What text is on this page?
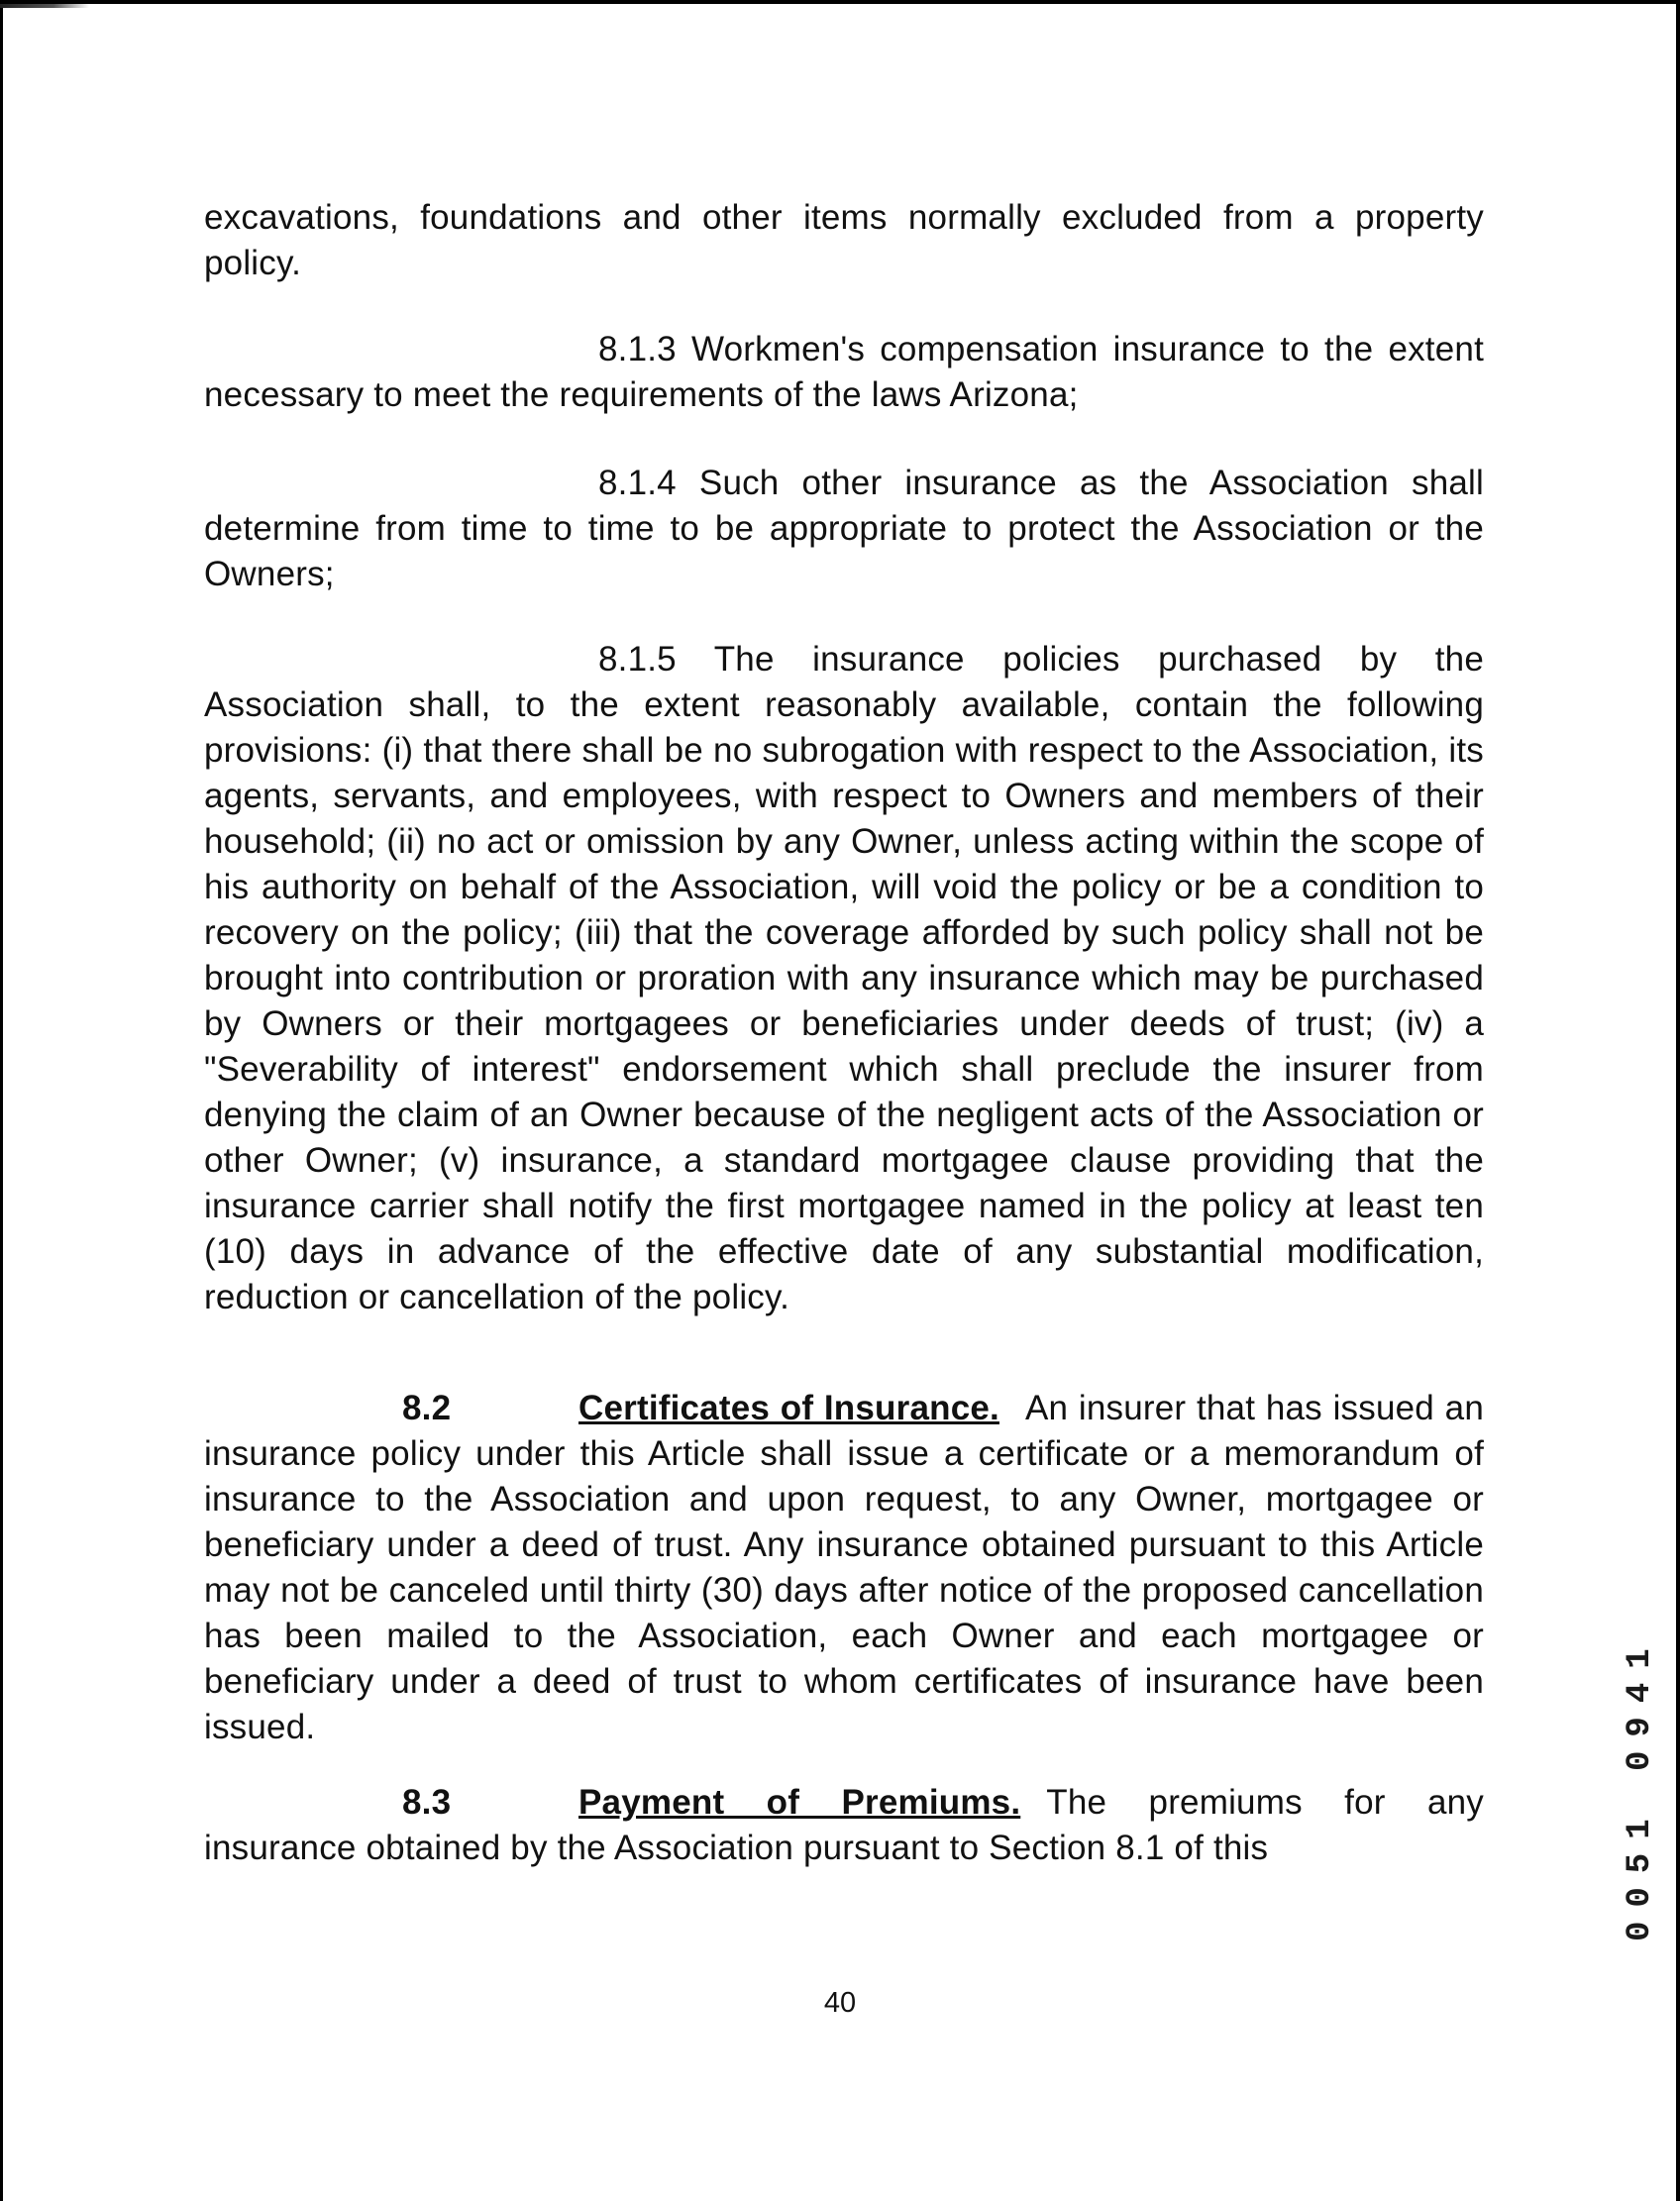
excavations, foundations and other items normally excluded from a property policy.
8.1.3 Workmen's compensation insurance to the extent necessary to meet the requirements of the laws Arizona;
8.1.4 Such other insurance as the Association shall determine from time to time to be appropriate to protect the Association or the Owners;
8.1.5 The insurance policies purchased by the Association shall, to the extent reasonably available, contain the following provisions: (i) that there shall be no subrogation with respect to the Association, its agents, servants, and employees, with respect to Owners and members of their household; (ii) no act or omission by any Owner, unless acting within the scope of his authority on behalf of the Association, will void the policy or be a condition to recovery on the policy; (iii) that the coverage afforded by such policy shall not be brought into contribution or proration with any insurance which may be purchased by Owners or their mortgagees or beneficiaries under deeds of trust; (iv) a "Severability of interest" endorsement which shall preclude the insurer from denying the claim of an Owner because of the negligent acts of the Association or other Owner; (v) insurance, a standard mortgagee clause providing that the insurance carrier shall notify the first mortgagee named in the policy at least ten (10) days in advance of the effective date of any substantial modification, reduction or cancellation of the policy.
8.2	Certificates of Insurance. An insurer that has issued an insurance policy under this Article shall issue a certificate or a memorandum of insurance to the Association and upon request, to any Owner, mortgagee or beneficiary under a deed of trust. Any insurance obtained pursuant to this Article may not be canceled until thirty (30) days after notice of the proposed cancellation has been mailed to the Association, each Owner and each mortgagee or beneficiary under a deed of trust to whom certificates of insurance have been issued.
8.3	Payment of Premiums. The premiums for any insurance obtained by the Association pursuant to Section 8.1 of this
40
0051 0941
